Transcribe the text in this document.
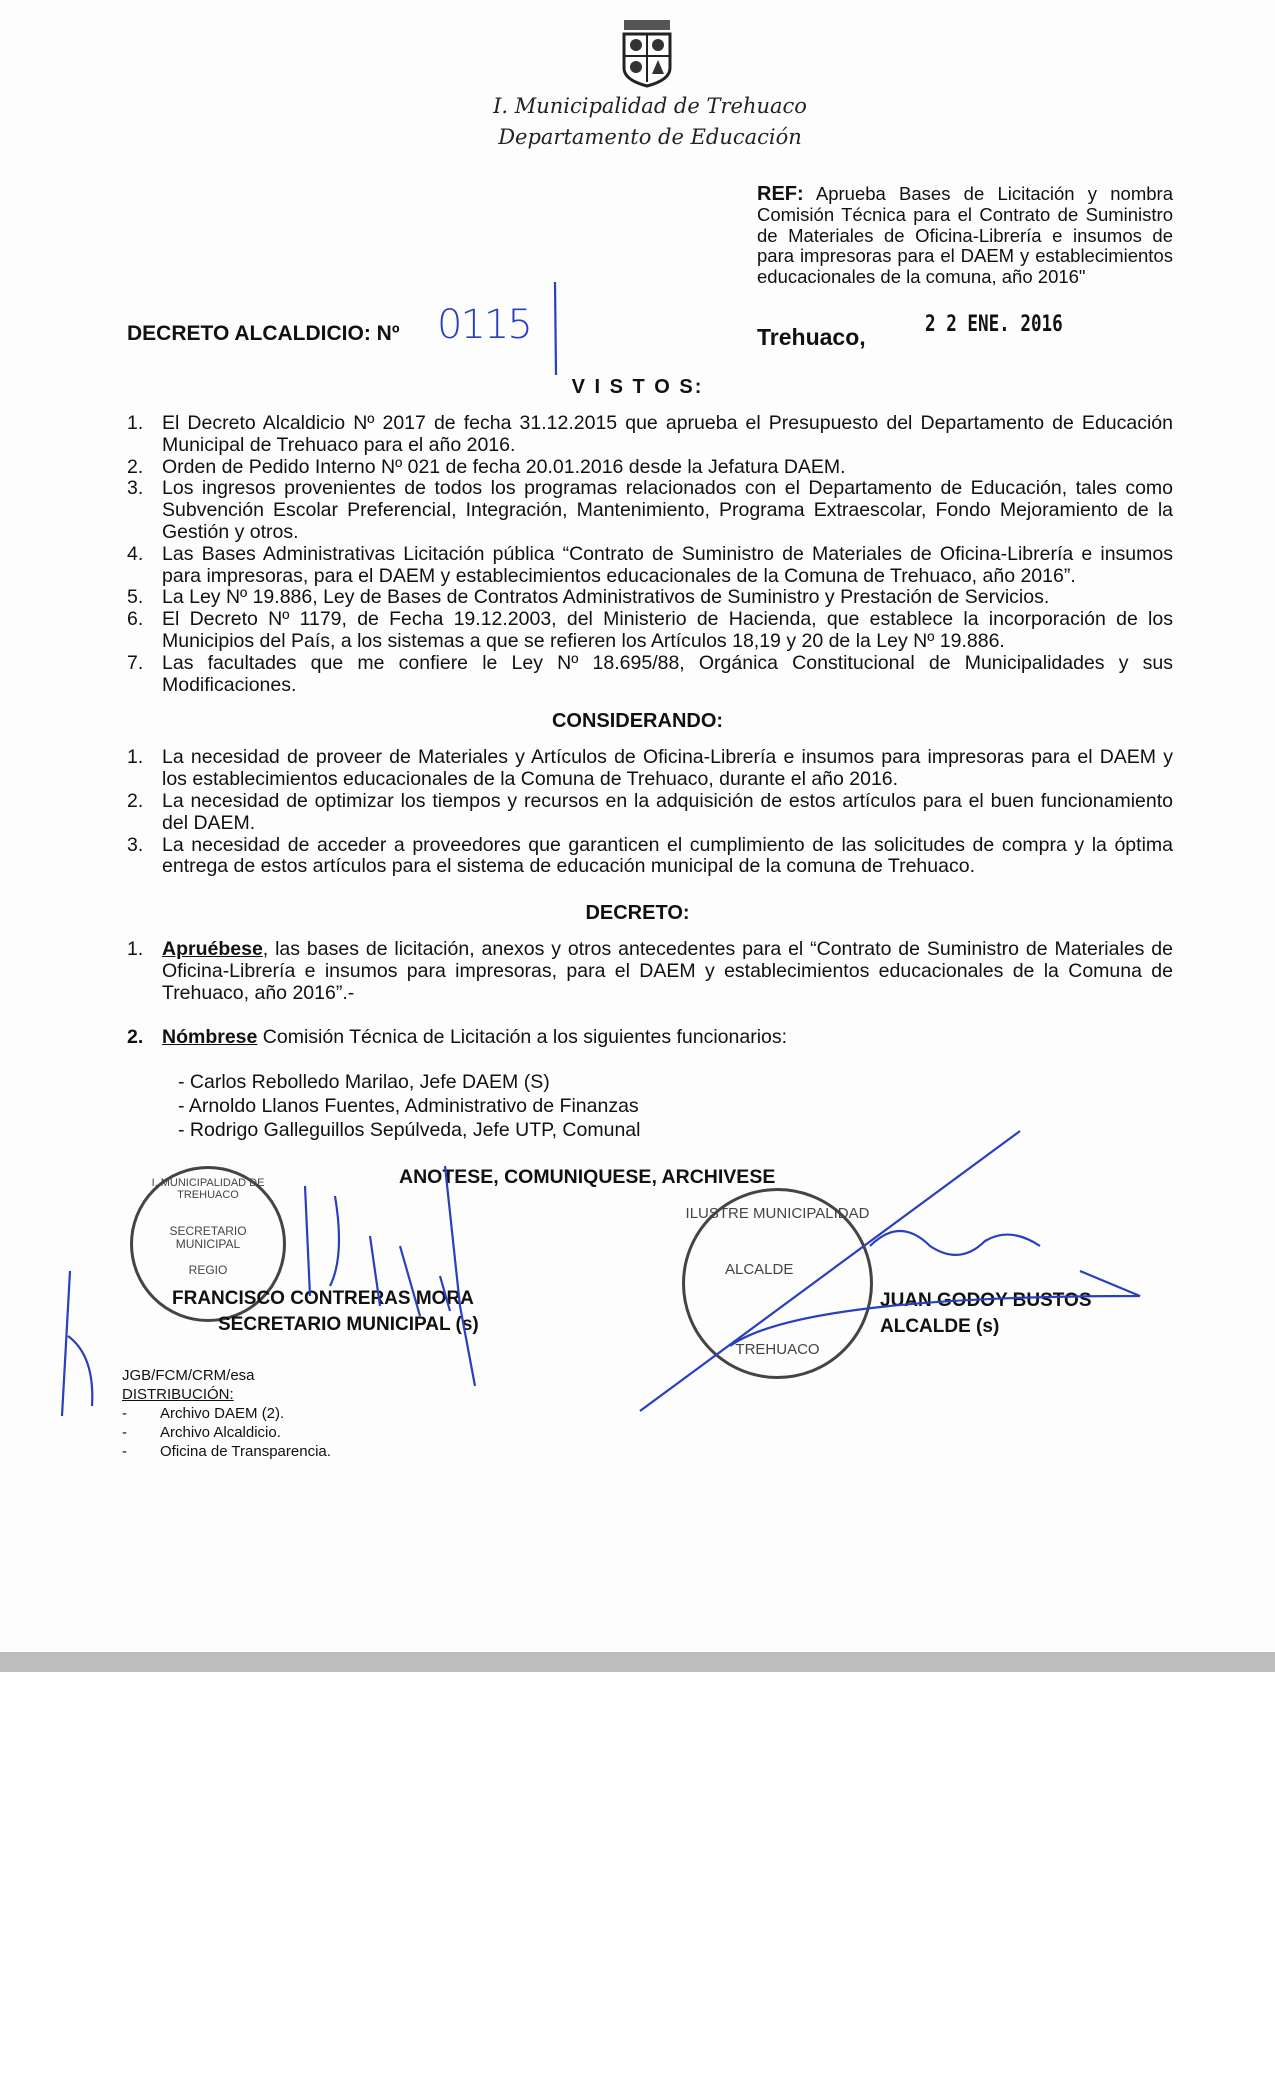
I. Municipalidad de Trehuaco
Departamento de Educación
REF: Aprueba Bases de Licitación y nombra Comisión Técnica para el Contrato de Suministro de Materiales de Oficina-Librería e insumos de para impresoras para el DAEM y establecimientos educacionales de la comuna, año 2016"
DECRETO ALCALDICIO: Nº 0115	Trehuaco,	2 2 ENE. 2016
V I S T O S:
1. El Decreto Alcaldicio Nº 2017 de fecha 31.12.2015 que aprueba el Presupuesto del Departamento de Educación Municipal de Trehuaco para el año 2016.
2. Orden de Pedido Interno Nº 021 de fecha 20.01.2016 desde la Jefatura DAEM.
3. Los ingresos provenientes de todos los programas relacionados con el Departamento de Educación, tales como Subvención Escolar Preferencial, Integración, Mantenimiento, Programa Extraescolar, Fondo Mejoramiento de la Gestión y otros.
4. Las Bases Administrativas Licitación pública “Contrato de Suministro de Materiales de Oficina-Librería e insumos para impresoras, para el DAEM y establecimientos educacionales de la Comuna de Trehuaco, año 2016”.
5. La Ley Nº 19.886, Ley de Bases de Contratos Administrativos de Suministro y Prestación de Servicios.
6. El Decreto Nº 1179, de Fecha 19.12.2003, del Ministerio de Hacienda, que establece la incorporación de los Municipios del País, a los sistemas a que se refieren los Artículos 18,19 y 20 de la Ley Nº 19.886.
7. Las facultades que me confiere le Ley Nº 18.695/88, Orgánica Constitucional de Municipalidades y sus Modificaciones.
CONSIDERANDO:
1. La necesidad de proveer de Materiales y Artículos de Oficina-Librería e insumos para impresoras para el DAEM y los establecimientos educacionales de la Comuna de Trehuaco, durante el año 2016.
2. La necesidad de optimizar los tiempos y recursos en la adquisición de estos artículos para el buen funcionamiento del DAEM.
3. La necesidad de acceder a proveedores que garanticen el cumplimiento de las solicitudes de compra y la óptima entrega de estos artículos para el sistema de educación municipal de la comuna de Trehuaco.
DECRETO:
1. Apruébese, las bases de licitación, anexos y otros antecedentes para el “Contrato de Suministro de Materiales de Oficina-Librería e insumos para impresoras, para el DAEM y establecimientos educacionales de la Comuna de Trehuaco, año 2016”.-
2. Nómbrese Comisión Técnica de Licitación a los siguientes funcionarios:
- Carlos Rebolledo Marilao, Jefe DAEM (S)
- Arnoldo Llanos Fuentes, Administrativo de Finanzas
- Rodrigo Galleguillos Sepúlveda, Jefe UTP, Comunal
I. MUNICIPALIDAD DE TREHUACO
SECRETARIO MUNICIPAL
REGIO
ANOTESE, COMUNIQUESE, ARCHIVESE
ILUSTRE MUNICIPALIDAD
ALCALDE
TREHUACO
FRANCISCO CONTRERAS MORA
SECRETARIO MUNICIPAL (s)
JUAN GODOY BUSTOS
ALCALDE (s)
JGB/FCM/CRM/esa
DISTRIBUCIÓN:
- Archivo DAEM (2).
- Archivo Alcaldicio.
- Oficina de Transparencia.
